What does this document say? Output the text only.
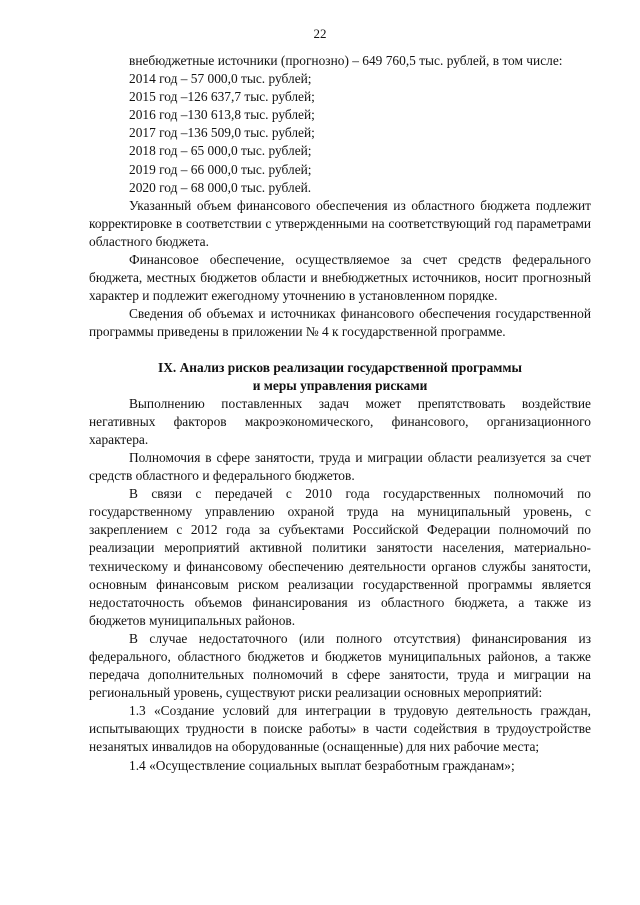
22
внебюджетные источники (прогнозно) – 649 760,5 тыс. рублей, в том числе:
2014 год – 57 000,0 тыс. рублей;
2015 год –126 637,7 тыс. рублей;
2016 год –130 613,8 тыс. рублей;
2017 год –136 509,0 тыс. рублей;
2018 год – 65 000,0 тыс. рублей;
2019 год – 66 000,0 тыс. рублей;
2020 год – 68 000,0 тыс. рублей.

Указанный объем финансового обеспечения из областного бюджета подлежит корректировке в соответствии с утвержденными на соответствующий год параметрами областного бюджета.

Финансовое обеспечение, осуществляемое за счет средств федерального бюджета, местных бюджетов области и внебюджетных источников, носит прогнозный характер и подлежит ежегодному уточнению в установленном порядке.

Сведения об объемах и источниках финансового обеспечения государственной программы приведены в приложении № 4 к государственной программе.

IX. Анализ рисков реализации государственной программы
и меры управления рисками

Выполнению поставленных задач может препятствовать воздействие негативных факторов макроэкономического, финансового, организационного характера.

Полномочия в сфере занятости, труда и миграции области реализуется за счет средств областного и федерального бюджетов.

В связи с передачей с 2010 года государственных полномочий по государственному управлению охраной труда на муниципальный уровень, с закреплением с 2012 года за субъектами Российской Федерации полномочий по реализации мероприятий активной политики занятости населения, материально-техническому и финансовому обеспечению деятельности органов службы занятости, основным финансовым риском реализации государственной программы является недостаточность объемов финансирования из областного бюджета, а также из бюджетов муниципальных районов.

В случае недостаточного (или полного отсутствия) финансирования из федерального, областного бюджетов и бюджетов муниципальных районов, а также передача дополнительных полномочий в сфере занятости, труда и миграции на региональный уровень, существуют риски реализации основных мероприятий:

1.3 «Создание условий для интеграции в трудовую деятельность граждан, испытывающих трудности в поиске работы» в части содействия в трудоустройстве незанятых инвалидов на оборудованные (оснащенные) для них рабочие места;

1.4 «Осуществление социальных выплат безработным гражданам»;
